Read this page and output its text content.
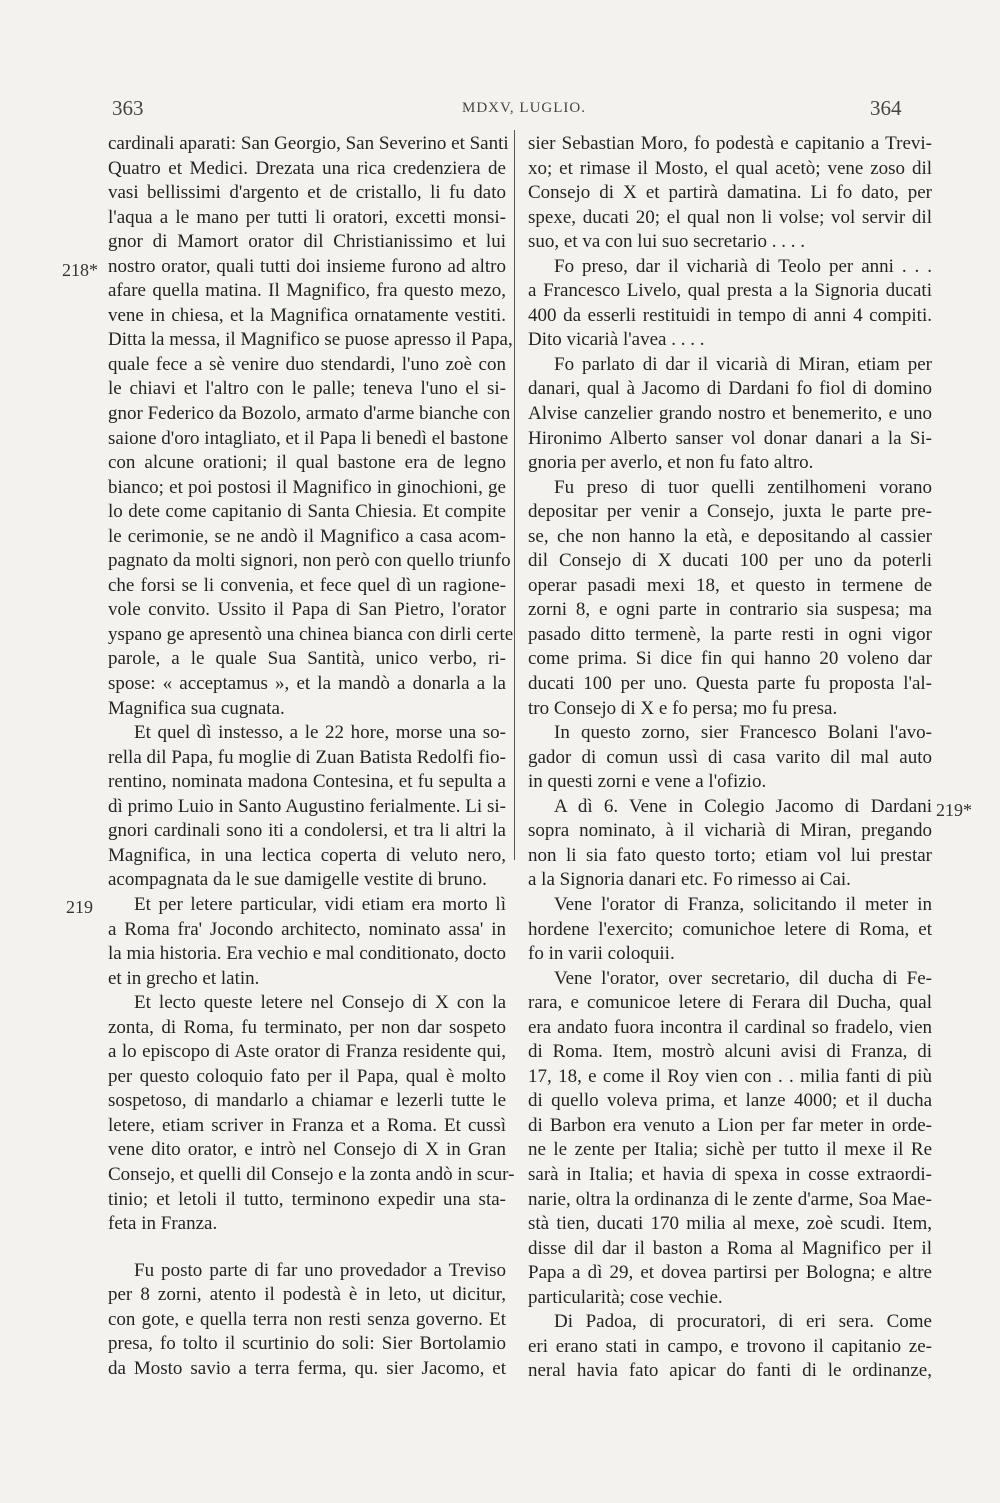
363	MDXV, LUGLIO.	364
218*
219
219*
cardinali aparati: San Georgio, San Severino et Santi
Quatro et Medici. Drezata una rica credenziera de
vasi bellissimi d'argento et de cristallo, li fu dato
l'aqua a le mano per tutti li oratori, excetti monsi-
gnor di Mamort orator dil Christianissimo et lui
nostro orator, quali tutti doi insieme furono ad altro
afare quella matina. Il Magnifico, fra questo mezo,
vene in chiesa, et la Magnifica ornatamente vestiti.
Ditta la messa, il Magnifico se puose apresso il Papa,
quale fece a sè venire duo stendardi, l'uno zoè con
le chiavi et l'altro con le palle; teneva l'uno el si-
gnor Federico da Bozolo, armato d'arme bianche con
saione d'oro intagliato, et il Papa li benedì el bastone
con alcune orationi; il qual bastone era de legno
bianco; et poi postosi il Magnifico in ginochioni, ge
lo dete come capitanio di Santa Chiesia. Et compite
le cerimonie, se ne andò il Magnifico a casa acom-
pagnato da molti signori, non però con quello triunfo
che forsi se li convenia, et fece quel dì un ragione-
vole convito. Ussito il Papa di San Pietro, l'orator
yspano ge apresentò una chinea bianca con dirli certe
parole, a le quale Sua Santità, unico verbo, ri-
spose: « acceptamus », et la mandò a donarla a la
Magnifica sua cugnata.
Et quel dì instesso, a le 22 hore, morse una so-
rella dil Papa, fu moglie di Zuan Batista Redolfi fio-
rentino, nominata madona Contesina, et fu sepulta a
dì primo Luio in Santo Augustino ferialmente. Li si-
gnori cardinali sono iti a condolersi, et tra li altri la
Magnifica, in una lectica coperta di veluto nero,
acompagnata da le sue damigelle vestite di bruno.
Et per letere particular, vidi etiam era morto lì
a Roma fra' Jocondo architecto, nominato assa' in
la mia historia. Era vechio e mal conditionato, docto
et in grecho et latin.
Et lecto queste letere nel Consejo di X con la
zonta, di Roma, fu terminato, per non dar sospeto
a lo episcopo di Aste orator di Franza residente qui,
per questo coloquio fato per il Papa, qual è molto
sospetoso, di mandarlo a chiamar e lezerli tutte le
letere, etiam scriver in Franza et a Roma. Et cussì
vene dito orator, e intrò nel Consejo di X in Gran
Consejo, et quelli dil Consejo e la zonta andò in scur-
tinio; et letoli il tutto, terminono expedir una sta-
feta in Franza.
Fu posto parte di far uno provedador a Treviso
per 8 zorni, atento il podestà è in leto, ut dicitur,
con gote, e quella terra non resti senza governo. Et
presa, fo tolto il scurtinio do soli: Sier Bortolamio
da Mosto savio a terra ferma, qu. sier Jacomo, et
sier Sebastian Moro, fo podestà e capitanio a Trevi-
xo; et rimase il Mosto, el qual acetò; vene zoso dil
Consejo di X et partirà damatina. Li fo dato, per
spexe, ducati 20; el qual non li volse; vol servir dil
suo, et va con lui suo secretario . . . .
Fo preso, dar il vicharià di Teolo per anni . . .
a Francesco Livelo, qual presta a la Signoria ducati
400 da esserli restituidi in tempo di anni 4 compiti.
Dito vicarià l'avea . . . .
Fo parlato di dar il vicarià di Miran, etiam per
danari, qual à Jacomo di Dardani fo fiol di domino
Alvise canzelier grando nostro et benemerito, e uno
Hironimo Alberto sanser vol donar danari a la Si-
gnoria per averlo, et non fu fato altro.
Fu preso di tuor quelli zentilhomeni vorano
depositar per venir a Consejo, juxta le parte pre-
se, che non hanno la età, e depositando al cassier
dil Consejo di X ducati 100 per uno da poterli
operar pasadi mexi 18, et questo in termene de
zorni 8, e ogni parte in contrario sia suspesa; ma
pasado ditto termenè, la parte resti in ogni vigor
come prima. Si dice fin qui hanno 20 voleno dar
ducati 100 per uno. Questa parte fu proposta l'al-
tro Consejo di X e fo persa; mo fu presa.
In questo zorno, sier Francesco Bolani l'avo-
gador di comun ussì di casa varito dil mal auto
in questi zorni e vene a l'ofizio.
A dì 6. Vene in Colegio Jacomo di Dardani
sopra nominato, à il vicharià di Miran, pregando
non li sia fato questo torto; etiam vol lui prestar
a la Signoria danari etc. Fo rimesso ai Cai.
Vene l'orator di Franza, solicitando il meter in
hordene l'exercito; comunichoe letere di Roma, et
fo in varii coloquii.
Vene l'orator, over secretario, dil ducha di Fe-
rara, e comunicoe letere di Ferara dil Ducha, qual
era andato fuora incontra il cardinal so fradelo, vien
di Roma. Item, mostrò alcuni avisi di Franza, di
17, 18, e come il Roy vien con . . milia fanti di più
di quello voleva prima, et lanze 4000; et il ducha
di Barbon era venuto a Lion per far meter in orde-
ne le zente per Italia; sichè per tutto il mexe il Re
sarà in Italia; et havia di spexa in cosse extraordi-
narie, oltra la ordinanza di le zente d'arme, Soa Mae-
stà tien, ducati 170 milia al mexe, zoè scudi. Item,
disse dil dar il baston a Roma al Magnifico per il
Papa a dì 29, et dovea partirsi per Bologna; e altre
particularità; cose vechie.
Di Padoa, di procuratori, di eri sera. Come
eri erano stati in campo, e trovono il capitanio ze-
neral havia fato apicar do fanti di le ordinanze,
